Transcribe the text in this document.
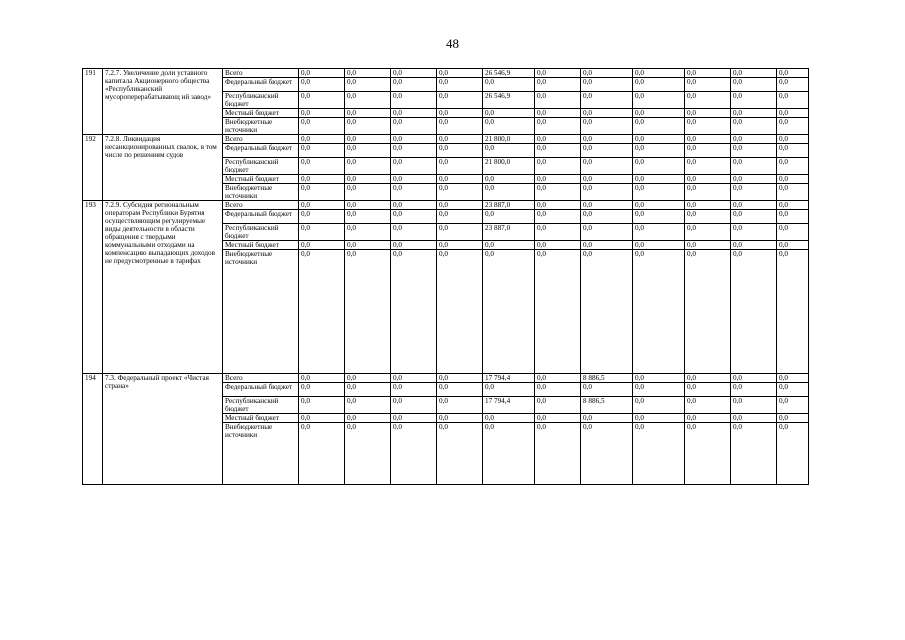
48
191	7.2.7. Увеличение доли уставного капитала Акционерного общества «Республиканский мусороперерабатывающ ий завод»	Всего	0,0	0,0	0,0	0,0	26 546,9	0,0	0,0	0,0	0,0	0,0	0,0
		Федеральный бюджет	0,0	0,0	0,0	0,0	0,0	0,0	0,0	0,0	0,0	0,0	0,0
		Республиканский бюджет	0,0	0,0	0,0	0,0	26 546,9	0,0	0,0	0,0	0,0	0,0	0,0
		Местный бюджет	0,0	0,0	0,0	0,0	0,0	0,0	0,0	0,0	0,0	0,0	0,0
		Внебюджетные источники	0,0	0,0	0,0	0,0	0,0	0,0	0,0	0,0	0,0	0,0	0,0
192	7.2.8. Ликвидация несанкционированных свалок, в том числе по решениям судов	Всего	0,0	0,0	0,0	0,0	21 800,0	0,0	0,0	0,0	0,0	0,0	0,0
		Федеральный бюджет	0,0	0,0	0,0	0,0	0,0	0,0	0,0	0,0	0,0	0,0	0,0
		Республиканский бюджет	0,0	0,0	0,0	0,0	21 800,0	0,0	0,0	0,0	0,0	0,0	0,0
		Местный бюджет	0,0	0,0	0,0	0,0	0,0	0,0	0,0	0,0	0,0	0,0	0,0
		Внебюджетные источники	0,0	0,0	0,0	0,0	0,0	0,0	0,0	0,0	0,0	0,0	0,0
193	7.2.9. Субсидия региональным операторам Республики Бурятия осуществляющим регулируемые виды деятельности в области обращения с твердыми коммунальными отходами на компенсацию выпадающих доходов не предусмотренные в тарифах	Всего	0,0	0,0	0,0	0,0	23 887,0	0,0	0,0	0,0	0,0	0,0	0,0
		Федеральный бюджет	0,0	0,0	0,0	0,0	0,0	0,0	0,0	0,0	0,0	0,0	0,0
		Республиканский бюджет	0,0	0,0	0,0	0,0	23 887,0	0,0	0,0	0,0	0,0	0,0	0,0
		Местный бюджет	0,0	0,0	0,0	0,0	0,0	0,0	0,0	0,0	0,0	0,0	0,0
		Внебюджетные источники	0,0	0,0	0,0	0,0	0,0	0,0	0,0	0,0	0,0	0,0	0,0
194	7.3. Федеральный проект «Чистая страна»	Всего	0,0	0,0	0,0	0,0	17 794,4	0,0	8 886,5	0,0	0,0	0,0	0,0
		Федеральный бюджет	0,0	0,0	0,0	0,0	0,0	0,0	0,0	0,0	0,0	0,0	0,0
		Республиканский бюджет	0,0	0,0	0,0	0,0	17 794,4	0,0	8 886,5	0,0	0,0	0,0	0,0
		Местный бюджет	0,0	0,0	0,0	0,0	0,0	0,0	0,0	0,0	0,0	0,0	0,0
		Внебюджетные источники	0,0	0,0	0,0	0,0	0,0	0,0	0,0	0,0	0,0	0,0	0,0
